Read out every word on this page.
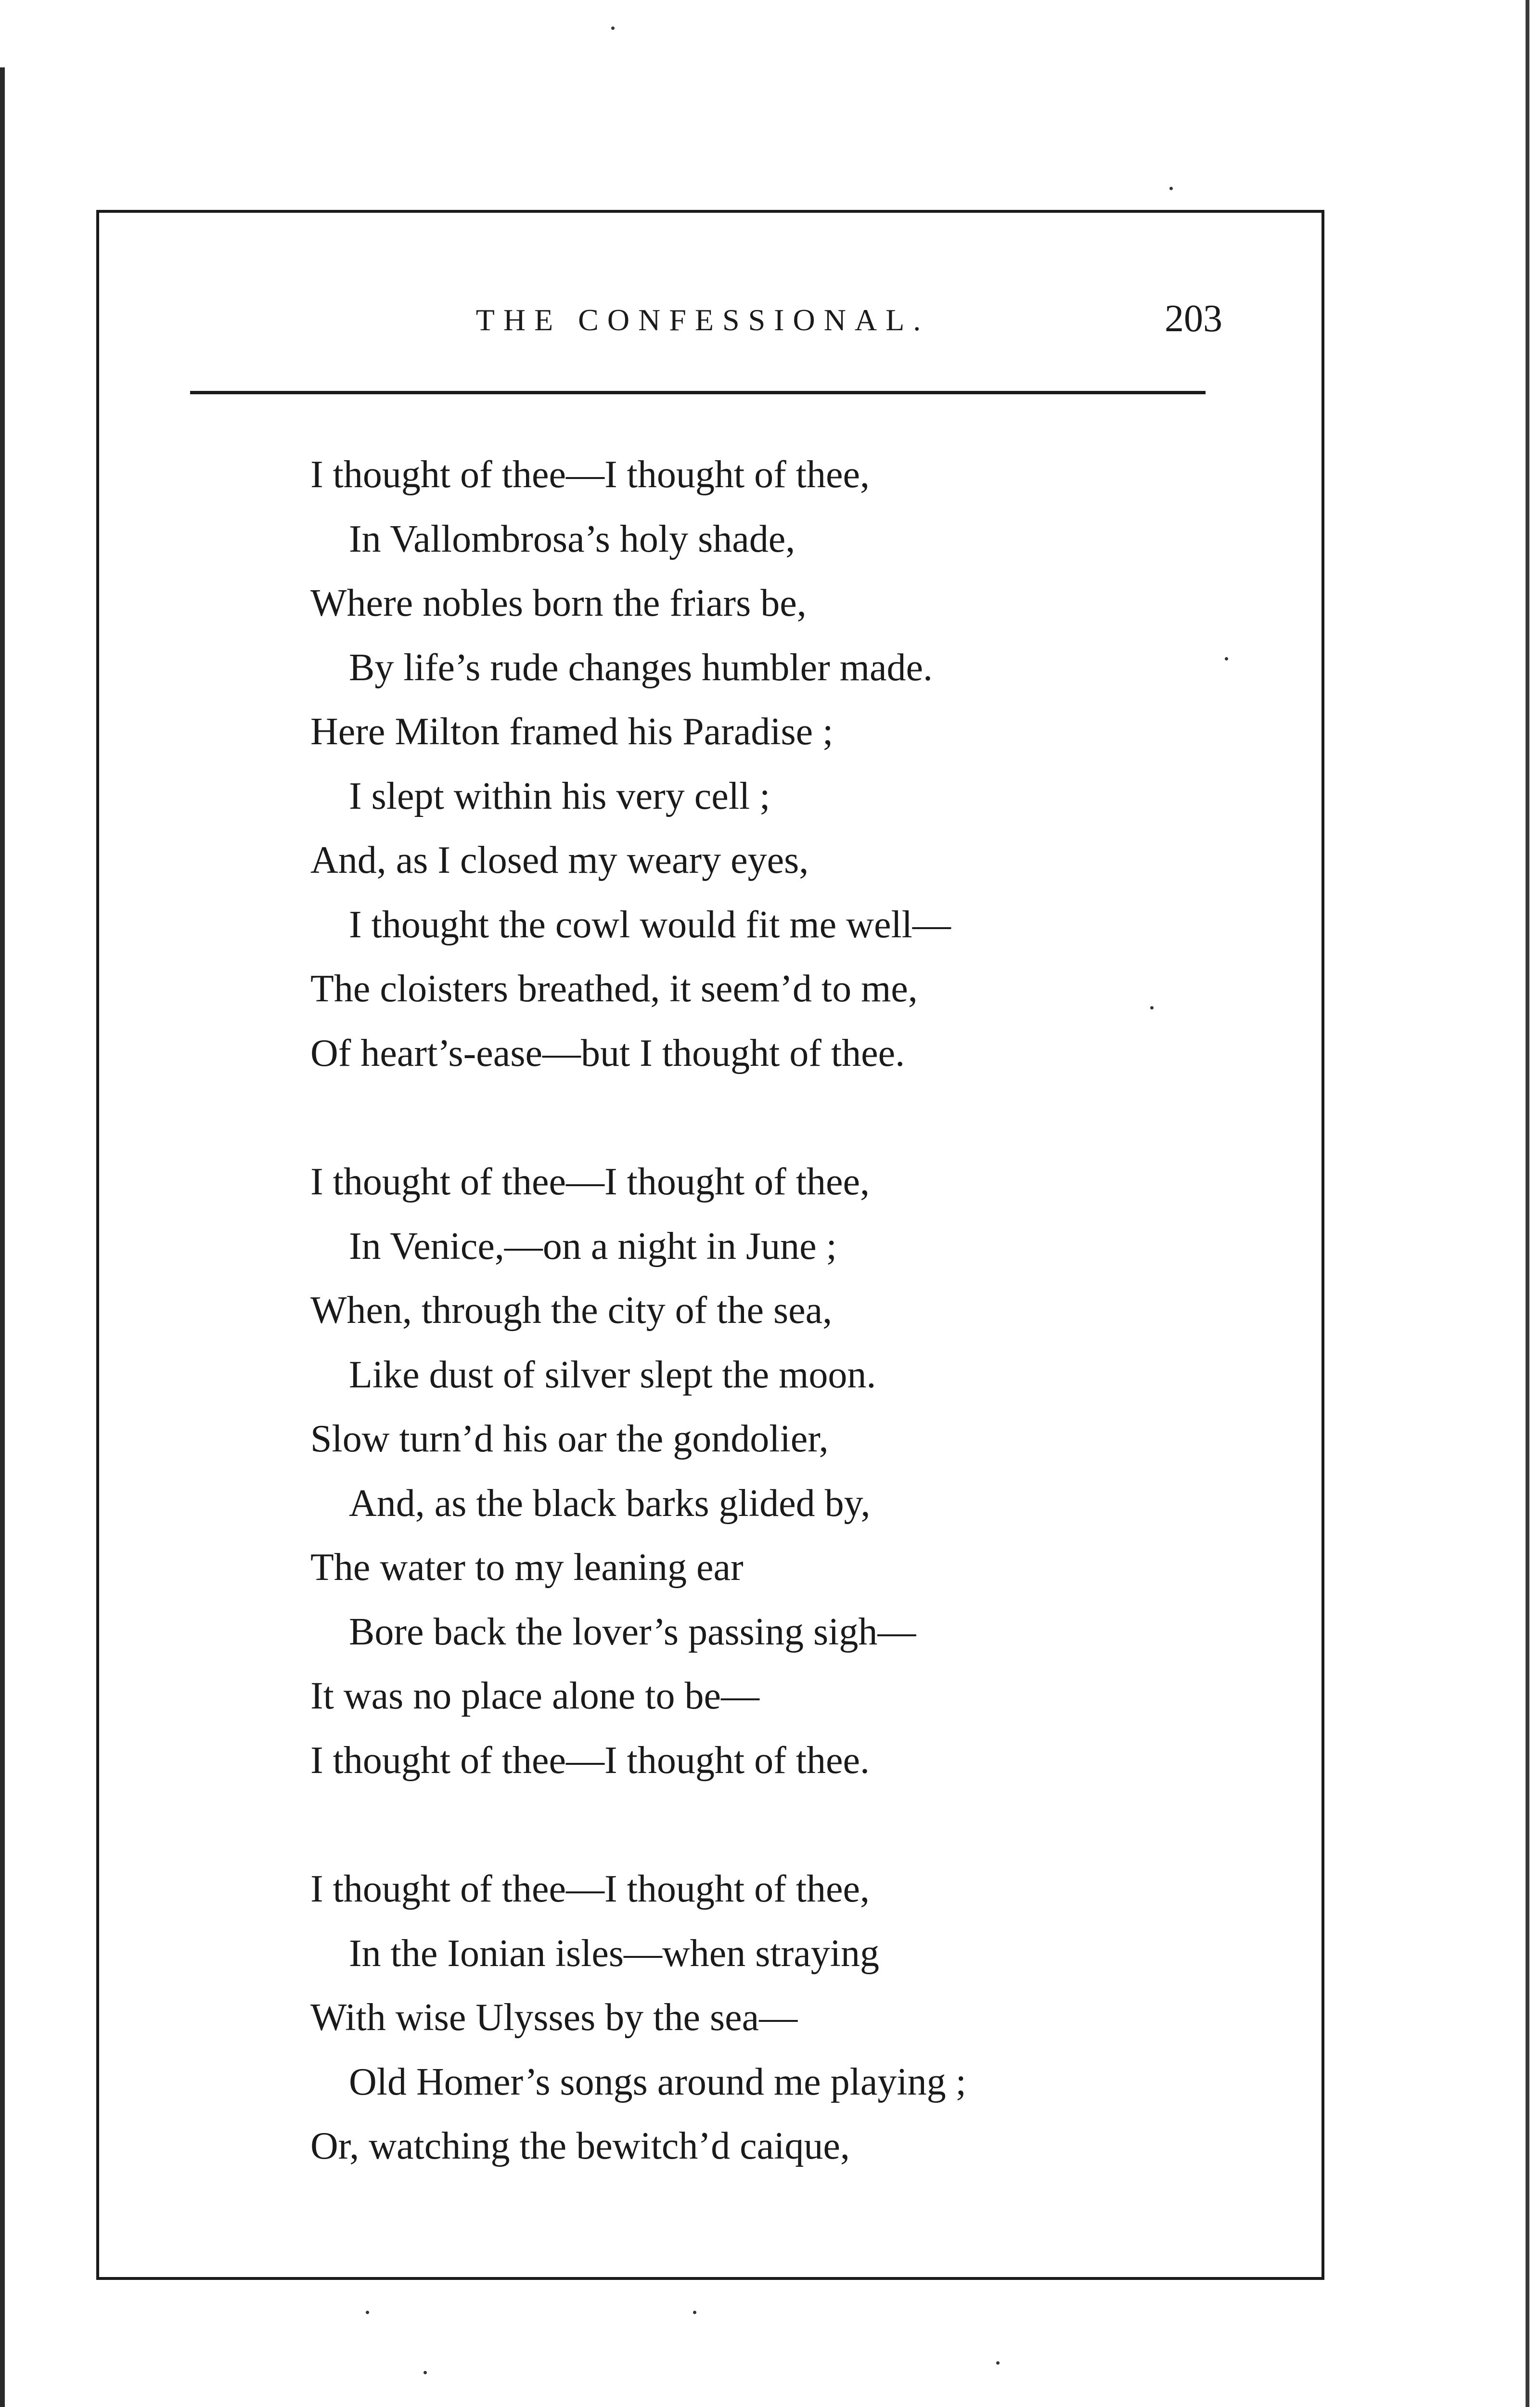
THE CONFESSIONAL.	203
I thought of thee—I thought of thee,
In Vallombrosa’s holy shade,
Where nobles born the friars be,
By life’s rude changes humbler made.
Here Milton framed his Paradise ;
I slept within his very cell ;
And, as I closed my weary eyes,
I thought the cowl would fit me well—
The cloisters breathed, it seem’d to me,
Of heart’s-ease—but I thought of thee.
I thought of thee—I thought of thee,
In Venice,—on a night in June ;
When, through the city of the sea,
Like dust of silver slept the moon.
Slow turn’d his oar the gondolier,
And, as the black barks glided by,
The water to my leaning ear
Bore back the lover’s passing sigh—
It was no place alone to be—
I thought of thee—I thought of thee.
I thought of thee—I thought of thee,
In the Ionian isles—when straying
With wise Ulysses by the sea—
Old Homer’s songs around me playing ;
Or, watching the bewitch’d caique,
